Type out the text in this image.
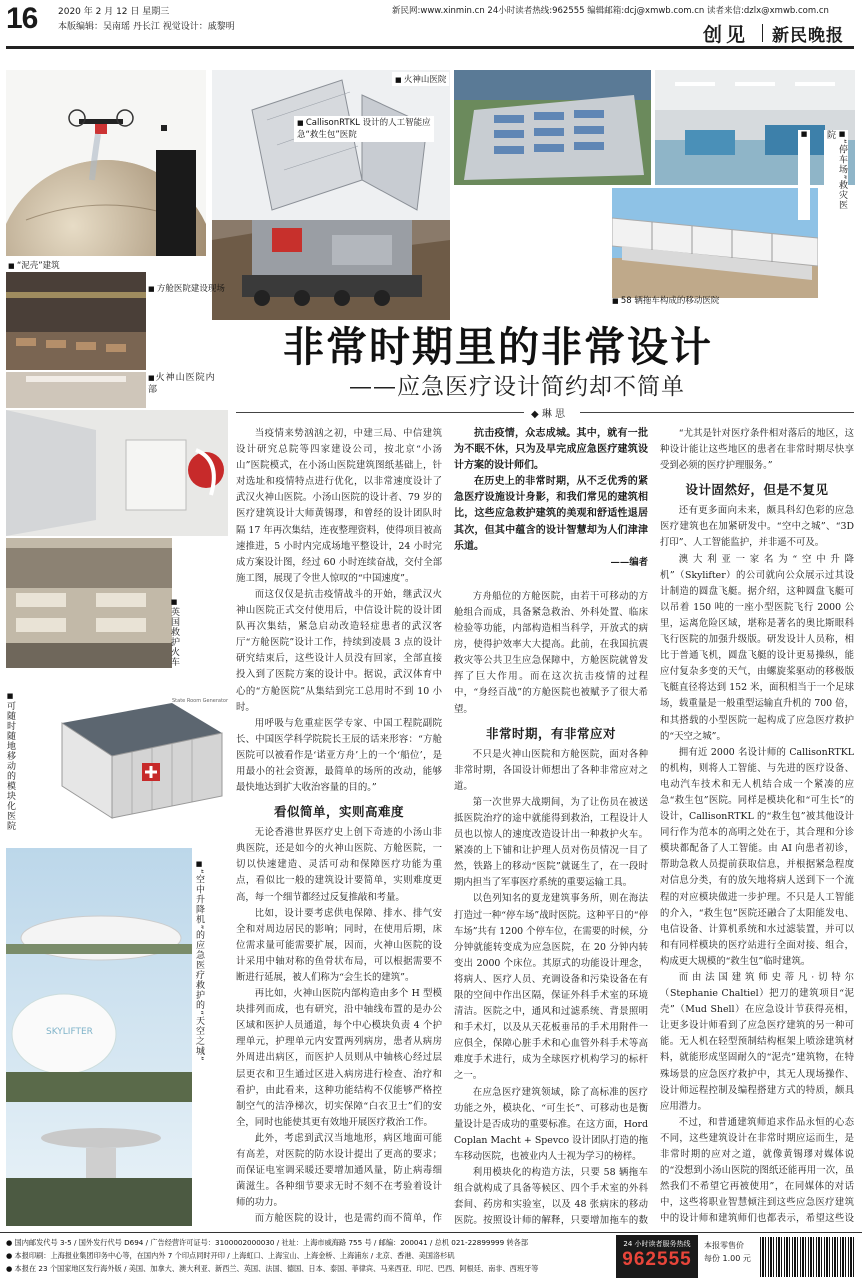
16 2020 年 2 月 12 日 星期三
本版编辑：吴南瑶 丹长江 视觉设计：戚黎明
新民网:www.xinmin.cn 24小时读者热线:962555 编辑邮箱:dcj@xmwb.com.cn 读者来信:dzlx@xmwb.com.cn
创见 新民晚报
■ “泥壳”建筑
■ 火神山医院
■ CallisonRTKL 设计的人工智能应急“救生包”医院
■ “停车场”救灾医院
■
■ 58 辆拖车构成的移动医院
■ 方舱医院建设现场
■ 火神山医院内部
■ 英国救护火车
State Room Generator
■ 可随时随地移动的模块化医院
SKYLIFTER
■	“空中升降机”的应急医疗救护的“天空之城”
非常时期里的非常设计
——应急医疗设计简约却不简单
◆ 琳 思

当疫情来势汹汹之初，中建三局、中信建筑设计研究总院等四家建设公司，按北京“小汤山”医院模式，在小汤山医院建筑图纸基础上，针对选址和疫情特点进行优化，以非常速度设计了武汉火神山医院。小汤山医院的设计者、79 岁的医疗建筑设计大师黄锡璆，和曾经的设计团队时隔 17 年再次集结，连夜整理资料，使得项目被高速推进，5 小时内完成场地平整设计，24 小时完成方案设计图，经过 60 小时连续奋战，交付全部施工图，展现了令世人惊叹的“中国速度”。

而这仅仅是抗击疫情战斗的开始，继武汉火神山医院正式交付使用后，中信设计院的设计团队再次集结，紧急启动改造轻症患者的武汉客厅“方舱医院”设计工作，持续到凌晨 3 点的设计研究结束后，这些设计人员没有回家，全部直接投入到了医院方案的设计中。据说，武汉体育中心的“方舱医院”从集结到完工总用时不到 10 小时。

用呼吸与危重症医学专家、中国工程院副院长、中国医学科学院院长王辰的话来形容：“方舱医院可以被看作是‘诺亚方舟’上的一个‘船位’，是用最小的社会资源，最简单的场所的改动，能够最快地达到扩大收治容量的目的。”

看似简单，实则高难度

无论香港世界医疗史上创下奇迹的小汤山非典医院，还是如今的火神山医院、方舱医院，一切以快速建造、灵活可动和保障医疗功能为重点，看似比一般的建筑设计要简单，实则难度更高，每一个细节都经过反复推敲和考量。

比如，设计要考虑供电保障、排水、排气安全和对周边居民的影响；同时，在使用后期，床位需求量可能需要扩展，因而，火神山医院的设计采用中轴对称的鱼骨状布局，可以根据需要不断进行延展，被人们称为“会生长的建筑”。

再比如，火神山医院内部构造由多个 H 型模块排列而成，也有研究，沿中轴线布置的是办公区域和医护人员通道，每个中心模块负责 4 个护理单元，护理单元内安置两列病房，患者从病房外周进出病区，而医护人员则从中轴核心经过层层更衣和卫生通过区进入病房进行检查、治疗和看护，由此看来，这种功能结构不仅能够严格控制空气的洁净梯次，切实保障“白衣卫士”们的安全，同时也能使其更有效地开展医疗救治工作。

此外，考虑到武汉当地地形，病区地面可能有高差，对医院的防水设计提出了更高的要求；而保证电室调采暖还要增加通风量，防止病毒细菌滋生。各种细节要求无时不刻不在考验着设计师的功力。

而方舱医院的设计，也是需约而不简单，作

抗击疫情，众志成城。其中，就有一批为不眠不休，只为及早完成应急医疗建筑设计方案的设计师们。

在历史上的非常时期，从不乏优秀的紧急医疗设施设计身影，和我们常见的建筑相比，这些应急救护建筑的美观和舒适性退居其次，但其中蕴含的设计智慧却为人们津津乐道。

——编者

方舟船位的方舱医院，由若干可移动的方舱组合而成，具备紧急救治、外科处置、临床检验等功能，内部构造相当科学，开放式的病房，使得护效率大大提高。此前，在我国抗震救灾等公共卫生应急保障中，方舱医院就曾发挥了巨大作用。而在这次抗击疫情的过程中，“身经百战”的方舱医院也被赋予了很大希望。

非常时期，有非常应对

不只是火神山医院和方舱医院，面对各种非常时期，各国设计师想出了各种非常应对之道。

第一次世界大战期间，为了让伤员在被送抵医院治疗的途中就能得到救治，工程设计人员也以惊人的速度改造设计出一种救护火车。紧凑的上下铺和让护理人员对伤员情况一目了然，铁路上的移动“医院”就诞生了，在一段时期内担当了军事医疗系统的重要运输工具。

以色列知名的夏龙建筑事务所，则在海法打造过一种“停车场”战时医院。这种平日的“停车场”共有 1200 个停车位，在需要的时候，分分钟就能转变成为应急医院，在 20 分钟内转变出 2000 个床位。其原式的功能设计理念，将病人、医疗人员、充调设备和污染设备在有限的空间中作出区隔，保证外科手术室的环境清洁。医院之中，通风和过滤系统、背景照明和手术灯，以及从天花板垂吊的手术用附件一应俱全，保障心脏手术和心血管外科手术等高难度手术进行，成为全球医疗机构学习的标杆之一。

在应急医疗建筑领域，除了高标准的医疗功能之外，模块化、“可生长”、可移动也是衡量设计是否成功的重要标准。在这方面，Hord Coplan Macht + Spevco 设计团队打造的拖车移动医院，也被业内人士视为学习的榜样。

利用模块化的构造方法，只要 58 辆拖车组合就构成了具备等候区、四个手术室的外科套间、药房和实验室，以及 48 张病床的移动医院。按照设计师的解释，只要增加拖车的数

“尤其是针对医疗条件相对落后的地区，这种设计能让这些地区的患者在非常时期尽快享受到必须的医疗护理服务。”

设计固然好，但是不复见

还有更多面向未来，颇具科幻色彩的应急医疗建筑也在加紧研发中。“空中之城”、“3D 打印”、人工智能监护，并非遥不可及。

澳大利亚一家名为“空中升降机”（Skylifter）的公司就向公众展示过其设计制造的圆盘飞艇。据介绍，这种圆盘飞艇可以吊着 150 吨的一座小型医院飞行 2000 公里，运离危险区域，堪称是著名的奥比斯眼科飞行医院的加强升级版。研发设计人员称，相比于普通飞机，圆盘飞艇的设计更易操纵，能应付复杂多变的天气，由螺旋桨驱动的移极版飞艇直径将达到 152 米，面积相当于一个足球场，载重量是一般重型运输直升机的 700 倍，和其搭载的小型医院一起构成了应急医疗救护的“天空之城”。

拥有近 2000 名设计师的 CallisonRTKL 的机构，则将人工智能、与先进的医疗设备、电动汽车技术和无人机结合成一个紧凑的应急“救生包”医院。同样是模块化和“可生长”的设计，CallisonRTKL 的“救生包”被其他设计同行作为范本的高明之处在于，其合理和分诊模块都配备了人工智能。由 AI 向患者初诊，帮助急救人员提前获取信息，并根据紧急程度对信息分类，有的放矢地将病人送到下一个流程的对应模块做进一步护理。不只是人工智能的介入，“救生包”医院还融合了太阳能发电、电信设备、计算机系统和水过滤装置，并可以和有同样模块的医疗站进行全面对接、组合，构成更大规模的“救生包”临时建筑。

而由法国建筑师史蒂凡·切特尔（Stephanie Chaltiel）把刀的建筑项目“泥壳”（Mud Shell）在应急设计节获得亮相，让更多设计师看到了应急医疗建筑的另一种可能。无人机在轻型预制结构框架上喷涂建筑材料，就能形成坚固耐久的“泥壳”建筑物，在特殊场景的应急医疗救护中，其无人现场操作、设计师远程控制及编程搭建方式的特质，颇具应用潜力。

不过，和普通建筑师追求作品永恒的心态不同，这些建筑设计在非常时期应运而生，是非常时期的应对之道，就像黄锡璆对媒体说的“没想到小汤山医院的图纸还能再用一次，虽然我们不希望它再被使用”，在同媒体的对话中，这些将职业智慧倾注到这些应急医疗建筑中的设计师和建筑师们也都表示，希望这些设

● 国内邮发代号 3-5 / 国外发行代号 D694 / 广告经营许可证号：3100002000030 / 社址：上海市威海路 755 号 / 邮编：200041 / 总机 021-22899999 转各部
● 本报印刷：上海报业集团印务中心等，在国内外 7 个印点同时开印 / 上海虹口、上海宝山、上海金桥、上海浦东 / 北京、香港、美国洛杉矶
● 本报在 23 个国家地区发行海外版 / 美国、加拿大、澳大利亚、新西兰、英国、法国、德国、日本、泰国、菲律宾、马来西亚、印尼、巴西、阿根廷、南非、西班牙等
24 小时读者服务热线
962555
本报零售价
每份 1.00 元
